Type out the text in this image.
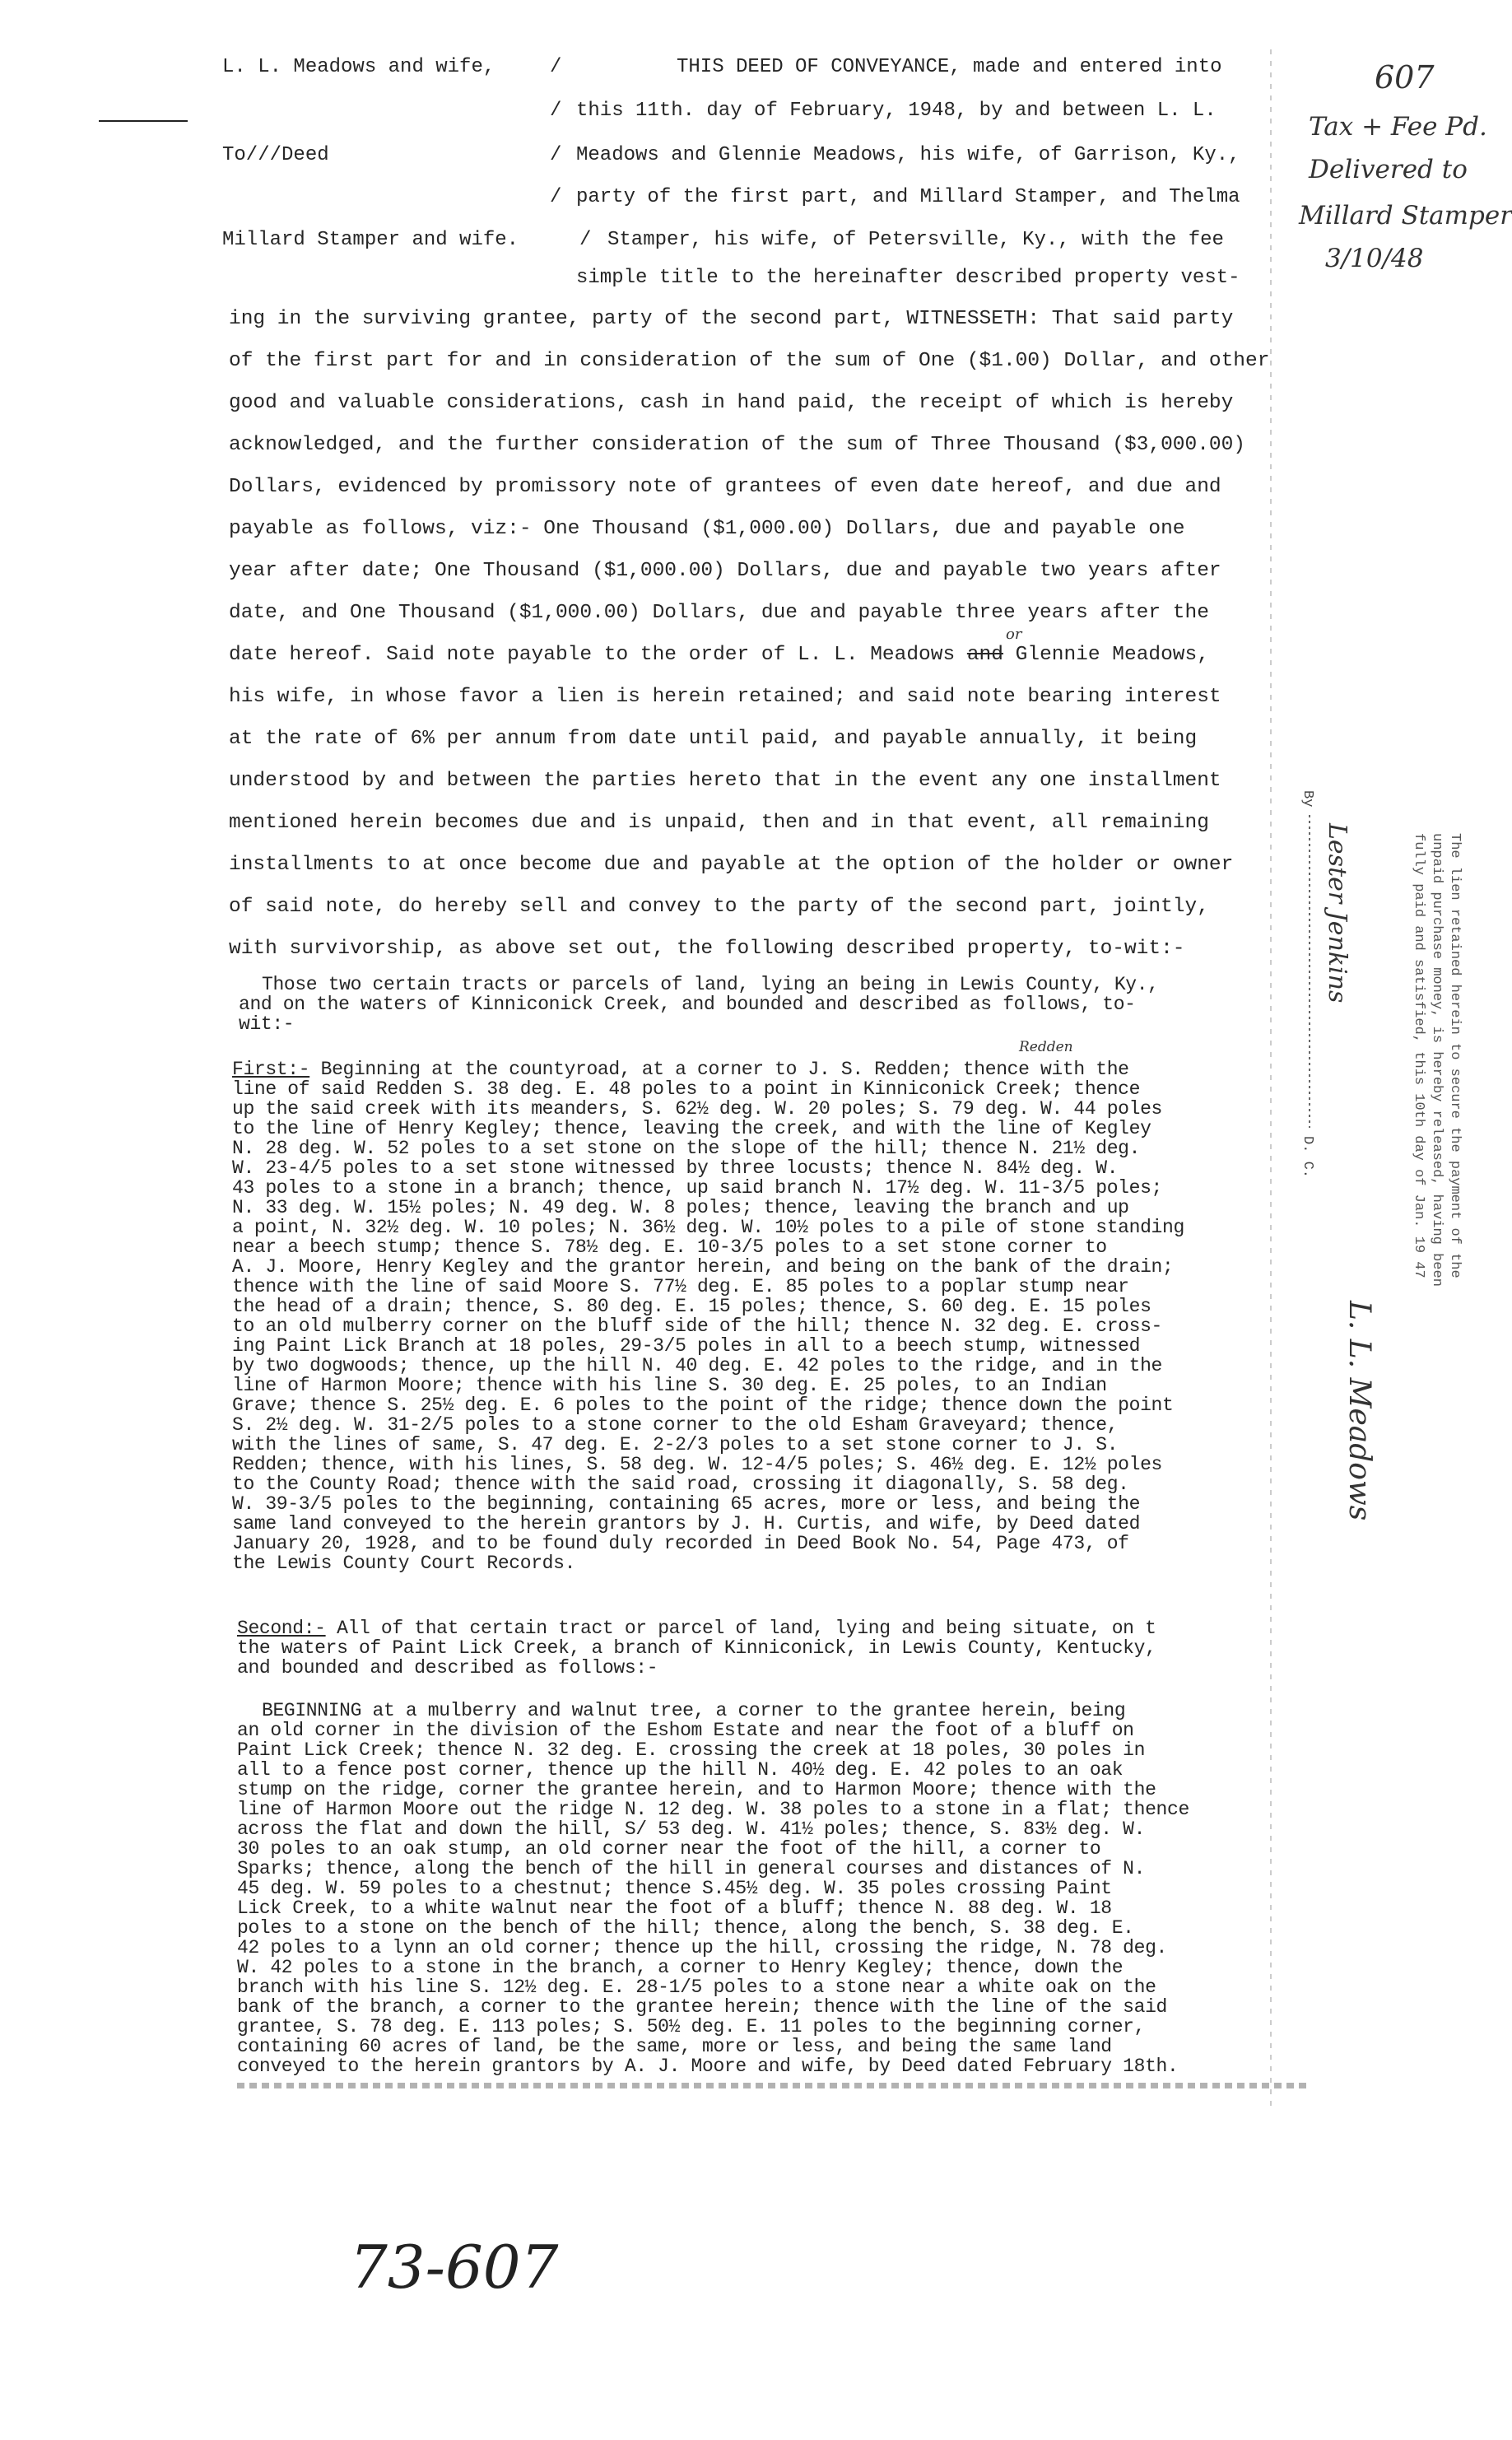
L. L. Meadows and wife,
To///Deed
Millard Stamper and wife.
/
/
/
/
/
THIS DEED OF CONVEYANCE, made and entered into
this 11th. day of February, 1948, by and between L. L.
Meadows and Glennie Meadows, his wife, of Garrison, Ky.,
party of the first part, and Millard Stamper, and Thelma
Stamper, his wife, of Petersville, Ky., with the fee
simple title to the hereinafter described property vest-
607
Tax + Fee Pd.
Delivered to
Millard Stamper
3/10/48
ing in the surviving grantee, party of the second part, WITNESSETH: That said party
of the first part for and in consideration of the sum of One ($1.00) Dollar, and other
good and valuable considerations, cash in hand paid, the receipt of which is hereby
acknowledged, and the further consideration of the sum of Three Thousand ($3,000.00)
Dollars, evidenced by promissory note of grantees of even date hereof, and due and
payable as follows, viz:- One Thousand ($1,000.00) Dollars, due and payable one
year after date; One Thousand ($1,000.00) Dollars, due and payable two years after
date, and One Thousand ($1,000.00) Dollars, due and payable three years after the
or
date hereof. Said note payable to the order of L. L. Meadows and Glennie Meadows,
his wife, in whose favor a lien is herein retained; and said note bearing interest
at the rate of 6% per annum from date until paid, and payable annually, it being
understood by and between the parties hereto that in the event any one installment
mentioned herein becomes due and is unpaid, then and in that event, all remaining
installments to at once become due and payable at the option of the holder or owner
of said note, do hereby sell and convey to the party of the second part, jointly,
with survivorship, as above set out, the following described property, to-wit:-
Those two certain tracts or parcels of land, lying an being in Lewis County, Ky.,
and on the waters of Kinniconick Creek, and bounded and described as follows, to-
wit:-
Redden
First:- Beginning at the countyroad, at a corner to J. S. Redden; thence with the
line of said Redden S. 38 deg. E. 48 poles to a point in Kinniconick Creek; thence
up the said creek with its meanders, S. 62½ deg. W. 20 poles; S. 79 deg. W. 44 poles
to the line of Henry Kegley; thence, leaving the creek, and with the line of Kegley
N. 28 deg. W. 52 poles to a set stone on the slope of the hill; thence N. 21½ deg.
W. 23-4/5 poles to a set stone witnessed by three locusts; thence N. 84½ deg. W.
43 poles to a stone in a branch; thence, up said branch N. 17½ deg. W. 11-3/5 poles;
N. 33 deg. W. 15½ poles; N. 49 deg. W. 8 poles; thence, leaving the branch and up
a point, N. 32½ deg. W. 10 poles; N. 36½ deg. W. 10½ poles to a pile of stone standing
near a beech stump; thence S. 78½ deg. E. 10-3/5 poles to a set stone corner to
A. J. Moore, Henry Kegley and the grantor herein, and being on the bank of the drain;
thence with the line of said Moore S. 77½ deg. E. 85 poles to a poplar stump near
the head of a drain; thence, S. 80 deg. E. 15 poles; thence, S. 60 deg. E. 15 poles
to an old mulberry corner on the bluff side of the hill; thence N. 32 deg. E. cross-
ing Paint Lick Branch at 18 poles, 29-3/5 poles in all to a beech stump, witnessed
by two dogwoods; thence, up the hill N. 40 deg. E. 42 poles to the ridge, and in the
line of Harmon Moore; thence with his line S. 30 deg. E. 25 poles, to an Indian
Grave; thence S. 25½ deg. E. 6 poles to the point of the ridge; thence down the point
S. 2½ deg. W. 31-2/5 poles to a stone corner to the old Esham Graveyard; thence,
with the lines of same, S. 47 deg. E. 2-2/3 poles to a set stone corner to J. S.
Redden; thence, with his lines, S. 58 deg. W. 12-4/5 poles; S. 46½ deg. E. 12½ poles
to the County Road; thence with the said road, crossing it diagonally, S. 58 deg.
W. 39-3/5 poles to the beginning, containing 65 acres, more or less, and being the
same land conveyed to the herein grantors by J. H. Curtis, and wife, by Deed dated
January 20, 1928, and to be found duly recorded in Deed Book No. 54, Page 473, of
the Lewis County Court Records.
Second:- All of that certain tract or parcel of land, lying and being situate, on t
the waters of Paint Lick Creek, a branch of Kinniconick, in Lewis County, Kentucky,
and bounded and described as follows:-
BEGINNING at a mulberry and walnut tree, a corner to the grantee herein, being
an old corner in the division of the Eshom Estate and near the foot of a bluff on
Paint Lick Creek; thence N. 32 deg. E. crossing the creek at 18 poles, 30 poles in
all to a fence post corner, thence up the hill N. 40½ deg. E. 42 poles to an oak
stump on the ridge, corner the grantee herein, and to Harmon Moore; thence with the
line of Harmon Moore out the ridge N. 12 deg. W. 38 poles to a stone in a flat; thence
across the flat and down the hill, S/ 53 deg. W. 41½ poles; thence, S. 83½ deg. W.
30 poles to an oak stump, an old corner near the foot of the hill, a corner to
Sparks; thence, along the bench of the hill in general courses and distances of N.
45 deg. W. 59 poles to a chestnut; thence S.45½ deg. W. 35 poles crossing Paint
Lick Creek, to a white walnut near the foot of a bluff; thence N. 88 deg. W. 18
poles to a stone on the bench of the hill; thence, along the bench, S. 38 deg. E.
42 poles to a lynn an old corner; thence up the hill, crossing the ridge, N. 78 deg.
W. 42 poles to a stone in the branch, a corner to Henry Kegley; thence, down the
branch with his line S. 12½ deg. E. 28-1/5 poles to a stone near a white oak on the
bank of the branch, a corner to the grantee herein; thence with the line of the said
grantee, S. 78 deg. E. 113 poles; S. 50½ deg. E. 11 poles to the beginning corner,
containing 60 acres of land, be the same, more or less, and being the same land
conveyed to the herein grantors by A. J. Moore and wife, by Deed dated February 18th.
The lien retained herein to secure the payment of the
unpaid purchase money, is hereby released, having been
fully paid and satisfied, this 10th day of Jan. 19 47
L. L. Meadows
Lester Jenkins
By
D. C.
73-607
